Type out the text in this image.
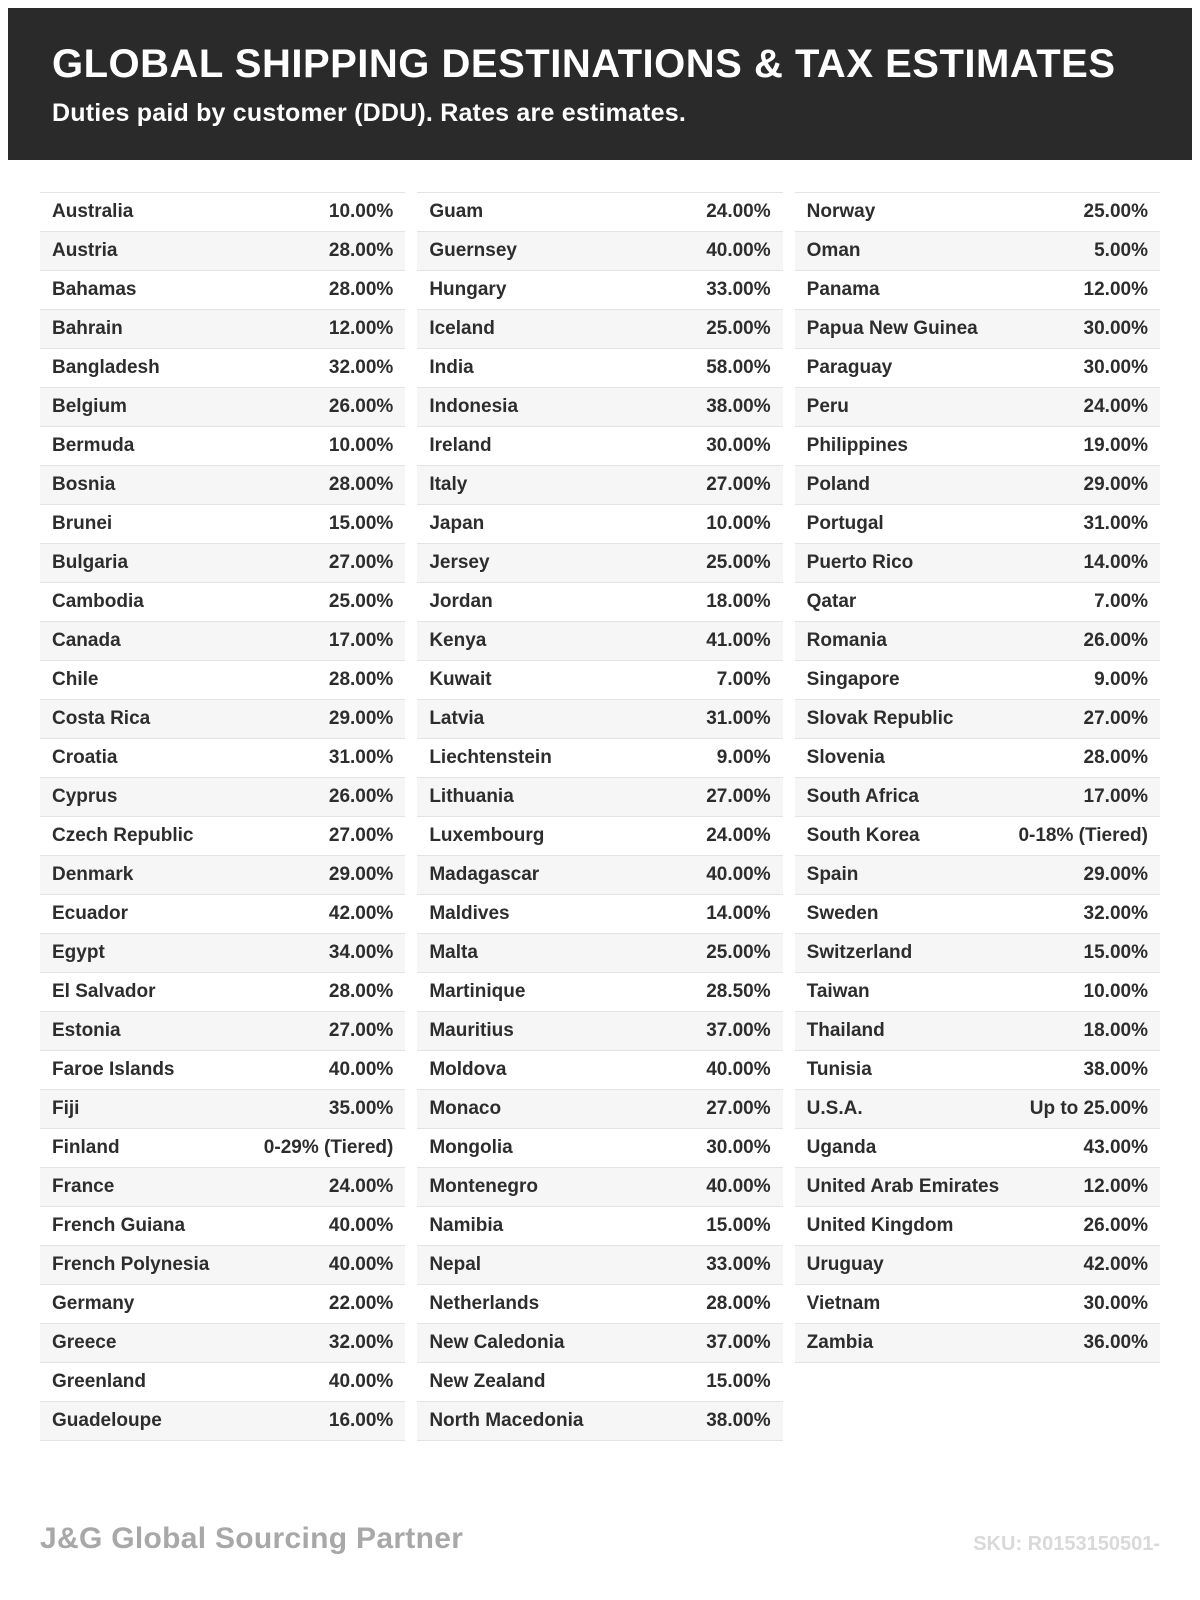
GLOBAL SHIPPING DESTINATIONS & TAX ESTIMATES

Duties paid by customer (DDU). Rates are estimates.

Australia	10.00%
Austria	28.00%
Bahamas	28.00%
Bahrain	12.00%
Bangladesh	32.00%
Belgium	26.00%
Bermuda	10.00%
Bosnia	28.00%
Brunei	15.00%
Bulgaria	27.00%
Cambodia	25.00%
Canada	17.00%
Chile	28.00%
Costa Rica	29.00%
Croatia	31.00%
Cyprus	26.00%
Czech Republic	27.00%
Denmark	29.00%
Ecuador	42.00%
Egypt	34.00%
El Salvador	28.00%
Estonia	27.00%
Faroe Islands	40.00%
Fiji	35.00%
Finland	0-29% (Tiered)
France	24.00%
French Guiana	40.00%
French Polynesia	40.00%
Germany	22.00%
Greece	32.00%
Greenland	40.00%
Guadeloupe	16.00%
Guam	24.00%
Guernsey	40.00%
Hungary	33.00%
Iceland	25.00%
India	58.00%
Indonesia	38.00%
Ireland	30.00%
Italy	27.00%
Japan	10.00%
Jersey	25.00%
Jordan	18.00%
Kenya	41.00%
Kuwait	7.00%
Latvia	31.00%
Liechtenstein	9.00%
Lithuania	27.00%
Luxembourg	24.00%
Madagascar	40.00%
Maldives	14.00%
Malta	25.00%
Martinique	28.50%
Mauritius	37.00%
Moldova	40.00%
Monaco	27.00%
Mongolia	30.00%
Montenegro	40.00%
Namibia	15.00%
Nepal	33.00%
Netherlands	28.00%
New Caledonia	37.00%
New Zealand	15.00%
North Macedonia	38.00%
Norway	25.00%
Oman	5.00%
Panama	12.00%
Papua New Guinea	30.00%
Paraguay	30.00%
Peru	24.00%
Philippines	19.00%
Poland	29.00%
Portugal	31.00%
Puerto Rico	14.00%
Qatar	7.00%
Romania	26.00%
Singapore	9.00%
Slovak Republic	27.00%
Slovenia	28.00%
South Africa	17.00%
South Korea	0-18% (Tiered)
Spain	29.00%
Sweden	32.00%
Switzerland	15.00%
Taiwan	10.00%
Thailand	18.00%
Tunisia	38.00%
U.S.A.	Up to 25.00%
Uganda	43.00%
United Arab Emirates	12.00%
United Kingdom	26.00%
Uruguay	42.00%
Vietnam	30.00%
Zambia	36.00%
J&G Global Sourcing Partner	SKU: R0153150501-
